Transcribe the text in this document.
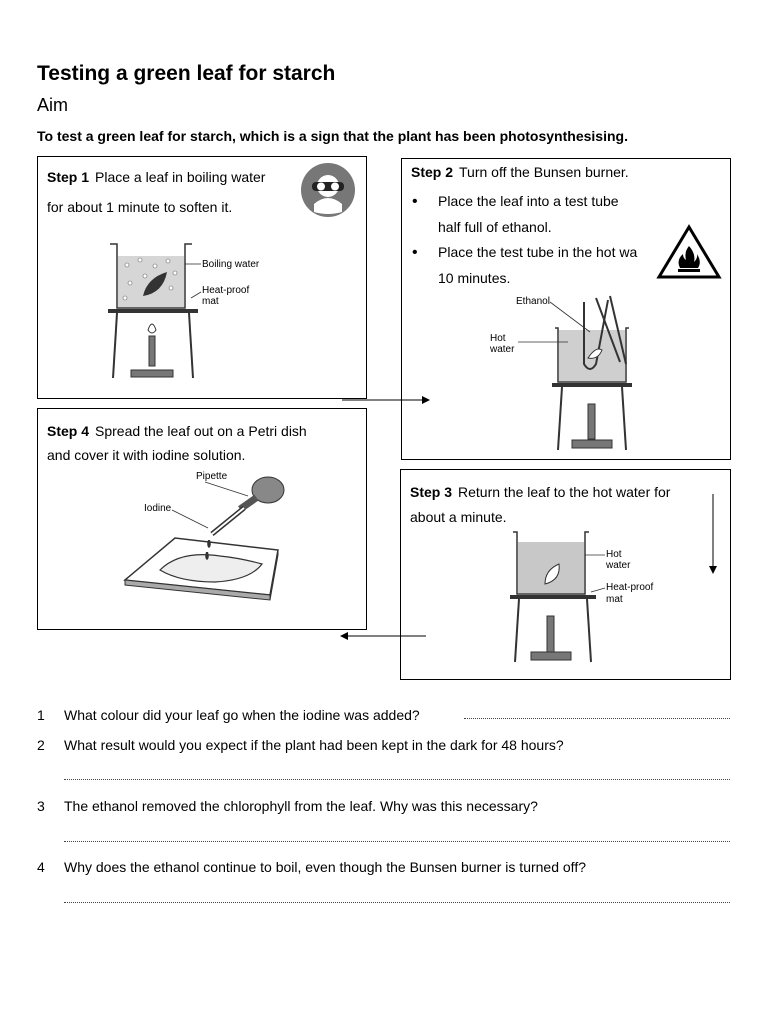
Testing a green leaf for starch
Aim
To test a green leaf for starch, which is a sign that the plant has been photosynthesising.
Step 1 Place a leaf in boiling water
for about 1 minute to soften it.
Boiling water
Heat-proof
mat
Step 2 Turn off the Bunsen burner.
• Place the leaf into a test tube
half full of ethanol.
• Place the test tube in the hot wa
10 minutes.
Ethanol
Hot
water
Step 4 Spread the leaf out on a Petri dish
and cover it with iodine solution.
Pipette
Iodine
Step 3 Return the leaf to the hot water for
about a minute.
Hot
water
Heat-proof
mat
1 What colour did your leaf go when the iodine was added?
2 What result would you expect if the plant had been kept in the dark for 48 hours?
3 The ethanol removed the chlorophyll from the leaf. Why was this necessary?
4 Why does the ethanol continue to boil, even though the Bunsen burner is turned off?
